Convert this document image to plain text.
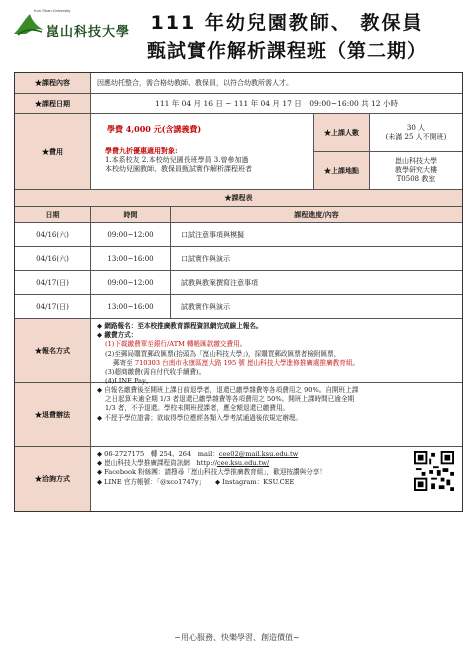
Kun Shan University
崑山科技大學	111 年幼兒園教師、 教保員
甄試實作解析課程班（第二期）
★課程內容	因應幼托整合，需合格幼教師、教保員，以符合幼教所需人才。
★課程日期	111 年 04 月 16 日 ~ 111 年 04 月 17 日　09:00~16:00 共 12 小時
★費用
學費 4,000 元(含講義費)
學費九折優惠適用對象:
1.本系校友 2.本校幼兒園長班學員 3.曾參加過
本校幼兒園教師、教保員甄試實作解析課程班者
★上課人數	30 人
(未滿 25 人不開班)
★上課地點
崑山科技大學
教學研究大樓
T0508 教室
★課程表
日期	時間	課程進度/內容
04/16(六)	09:00~12:00	口試注意事項與模擬
04/16(六)	13:00~16:00	口試實作與演示
04/17(日)	09:00~12:00	試教與教案撰寫注意事項
04/17(日)	13:00~16:00	試教實作與演示
★報名方式
◆ 網路報名：至本校推廣教育課程資訊網完成線上報名。
◆ 繳費方式：
(1)下載繳費單至銀行/ATM 轉帳匯款繳交費用。
(2)至郵局購買郵政匯票(抬頭為「崑山科技大學」)，採購買郵政匯票者檢附匯票，
郵寄至 710303 台南市永康區崑大路 195 號 崑山科技大學進修推廣處推廣教育組。
(3)超商繳費(需自付代收手續費)。
(4)LINE Pay。
★退費辦法
◆ 自報名繳費後至開班上課日前退學者，退還已繳學雜費等各項費用之 90%。自開班上課
之日起算未逾全期 1/3 者退還已繳學雜費等各項費用之 50%。開班上課時間已逾全期
1/3 者，不予退還。學校未開班授課者，應全額退還已繳費用。
◆ 不授予學位證書；欲取得學位應經各類入學考試通過後依規定辦理。
★洽詢方式
◆ 06-2727175　轉 254、264　mail：cee02@mail.ksu.edu.tw
◆ 崑山科技大學推廣課程資訊網　http://cee.ksu.edu.tw/
◆ Facebook 粉絲團：請搜尋「崑山科技大學推廣教育組」，歡迎按讚與分享！
◆ LINE 官方帳號：「@xco1747y」　　◆ Instagram：KSU.CEE
~用心服務、快樂學習、創造價值~
